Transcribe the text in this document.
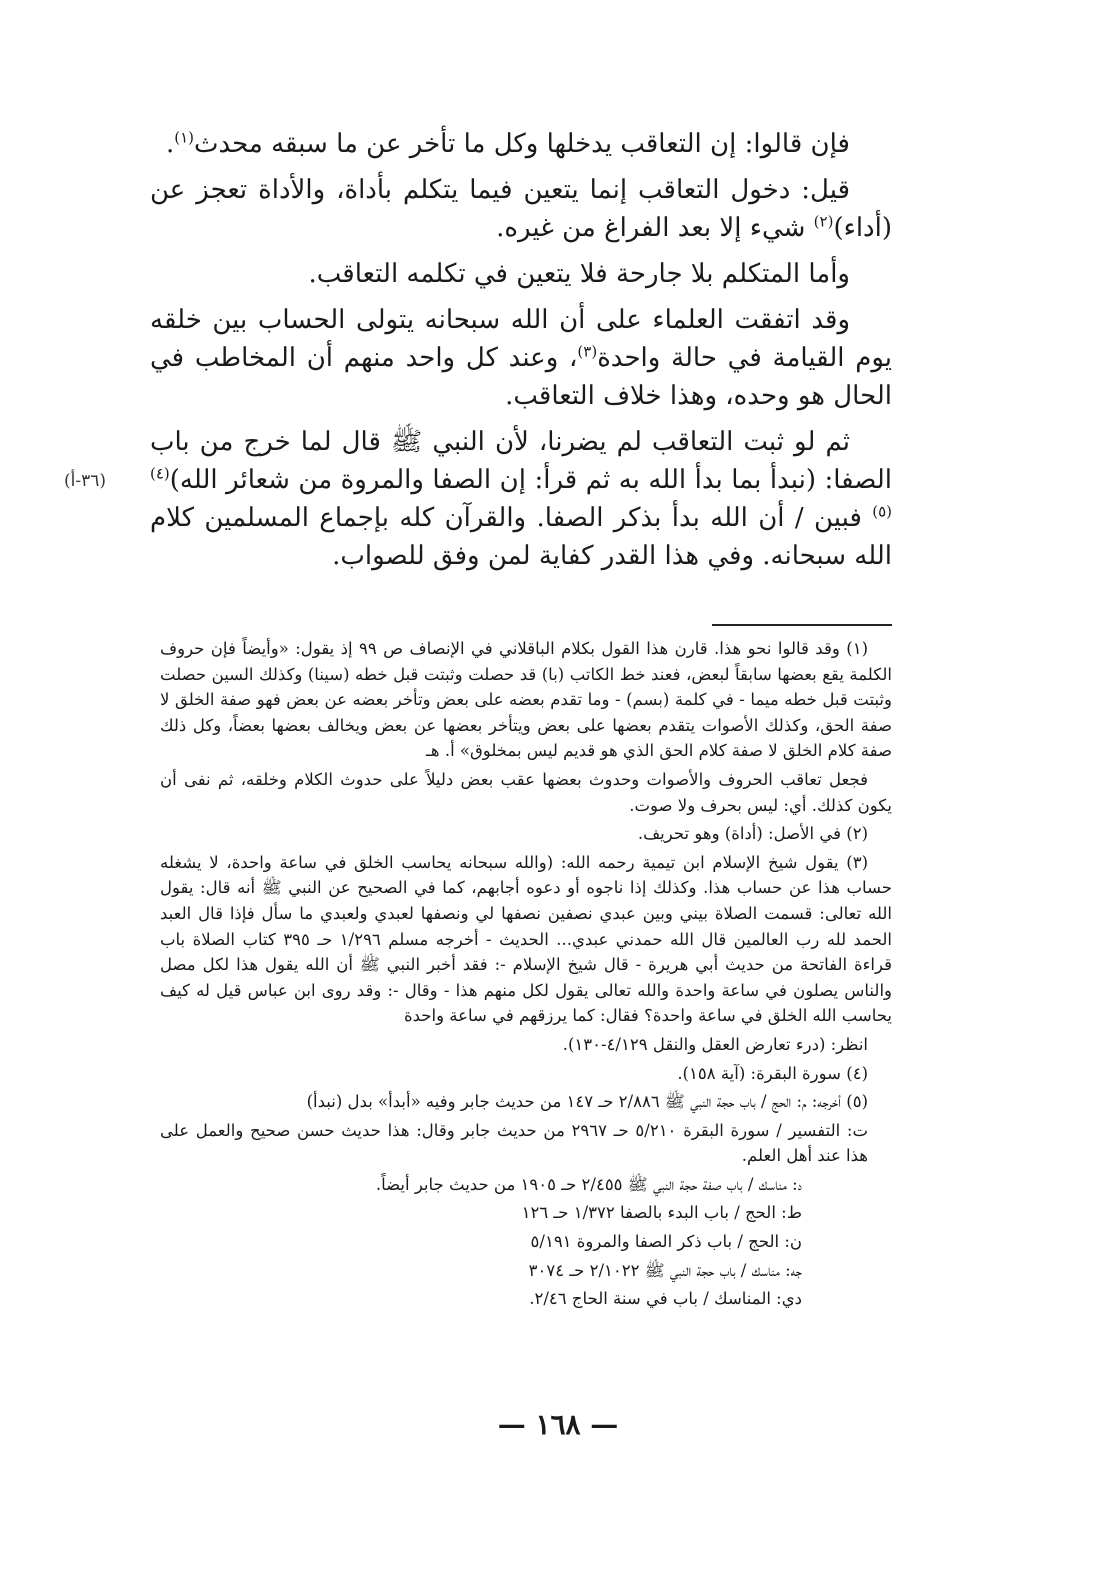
فإن قالوا: إن التعاقب يدخلها وكل ما تأخر عن ما سبقه محدث$^{(١)}$.

قيل: دخول التعاقب إنما يتعين فيما يتكلم بأداة، والأداة تعجز عن (أداء)$^{(٢)}$ شيء إلا بعد الفراغ من غيره.

وأما المتكلم بلا جارحة فلا يتعين في تكلمه التعاقب.

وقد اتفقت العلماء على أن الله سبحانه يتولى الحساب بين خلقه يوم القيامة في حالة واحدة$^{(٣)}$، وعند كل واحد منهم أن المخاطب في الحال هو وحده، وهذا خلاف التعاقب.

ثم لو ثبت التعاقب لم يضرنا، لأن النبي ﷺ قال لما خرج من باب الصفا: (نبدأ بما بدأ الله به ثم قرأ: إن الصفا والمروة من شعائر الله)$^{(٤)(٥)}$ فبين / أن الله بدأ بذكر الصفا. والقرآن كله بإجماع المسلمين كلام الله سبحانه. وفي هذا القدر كفاية لمن وفق للصواب.

(٣٦-أ)

(١) وقد قالوا نحو هذا. قارن هذا القول بكلام الباقلاني في الإنصاف ص ٩٩ إذ يقول: «وأيضاً فإن حروف الكلمة يقع بعضها سابقاً لبعض، فعند خط الكاتب (با) قد حصلت وثبتت قبل خطه (سينا) وكذلك السين حصلت وثبتت قبل خطه ميما - في كلمة (بسم) - وما تقدم بعضه على بعض وتأخر بعضه عن بعض فهو صفة الخلق لا صفة الحق، وكذلك الأصوات يتقدم بعضها على بعض ويتأخر بعضها عن بعض ويخالف بعضها بعضاً، وكل ذلك صفة كلام الخلق لا صفة كلام الحق الذي هو قديم ليس بمخلوق» أ. هـ

فجعل تعاقب الحروف والأصوات وحدوث بعضها عقب بعض دليلاً على حدوث الكلام وخلقه، ثم نفى أن يكون كذلك. أي: ليس بحرف ولا صوت.

(٢) في الأصل: (أداة) وهو تحريف.

(٣) يقول شيخ الإسلام ابن تيمية رحمه الله: (والله سبحانه يحاسب الخلق في ساعة واحدة، لا يشغله حساب هذا عن حساب هذا. وكذلك إذا ناجوه أو دعوه أجابهم، كما في الصحيح عن النبي ﷺ أنه قال: يقول الله تعالى: قسمت الصلاة بيني وبين عبدي نصفين نصفها لي ونصفها لعبدي ولعبدي ما سأل فإذا قال العبد الحمد لله رب العالمين قال الله حمدني عبدي... الحديث - أخرجه مسلم ١/٢٩٦ حـ ٣٩٥ كتاب الصلاة باب قراءة الفاتحة من حديث أبي هريرة - قال شيخ الإسلام -: فقد أخبر النبي ﷺ أن الله يقول هذا لكل مصل والناس يصلون في ساعة واحدة والله تعالى يقول لكل منهم هذا - وقال -: وقد روى ابن عباس قيل له كيف يحاسب الله الخلق في ساعة واحدة؟ فقال: كما يرزقهم في ساعة واحدة

انظر: (درء تعارض العقل والنقل ٤/١٢٩-١٣٠).

(٤) سورة البقرة: (آية ١٥٨).

(٥) أخرجه: م: الحج / باب حجة النبي ﷺ ٢/٨٨٦ حـ ١٤٧ من حديث جابر وفيه «أبدأ» بدل (نبدأ)

ت: التفسير / سورة البقرة ٥/٢١٠ حـ ٢٩٦٧ من حديث جابر وقال: هذا حديث حسن صحيح والعمل على هذا عند أهل العلم.

د: مناسك / باب صفة حجة النبي ﷺ ٢/٤٥٥ حـ ١٩٠٥ من حديث جابر أيضاً.

ط: الحج / باب البدء بالصفا ١/٣٧٢ حـ ١٢٦

ن: الحج / باب ذكر الصفا والمروة ٥/١٩١

جه: مناسك / باب حجة النبي ﷺ ٢/١٠٢٢ حـ ٣٠٧٤

دي: المناسك / باب في سنة الحاج ٢/٤٦.

— ١٦٨ —
